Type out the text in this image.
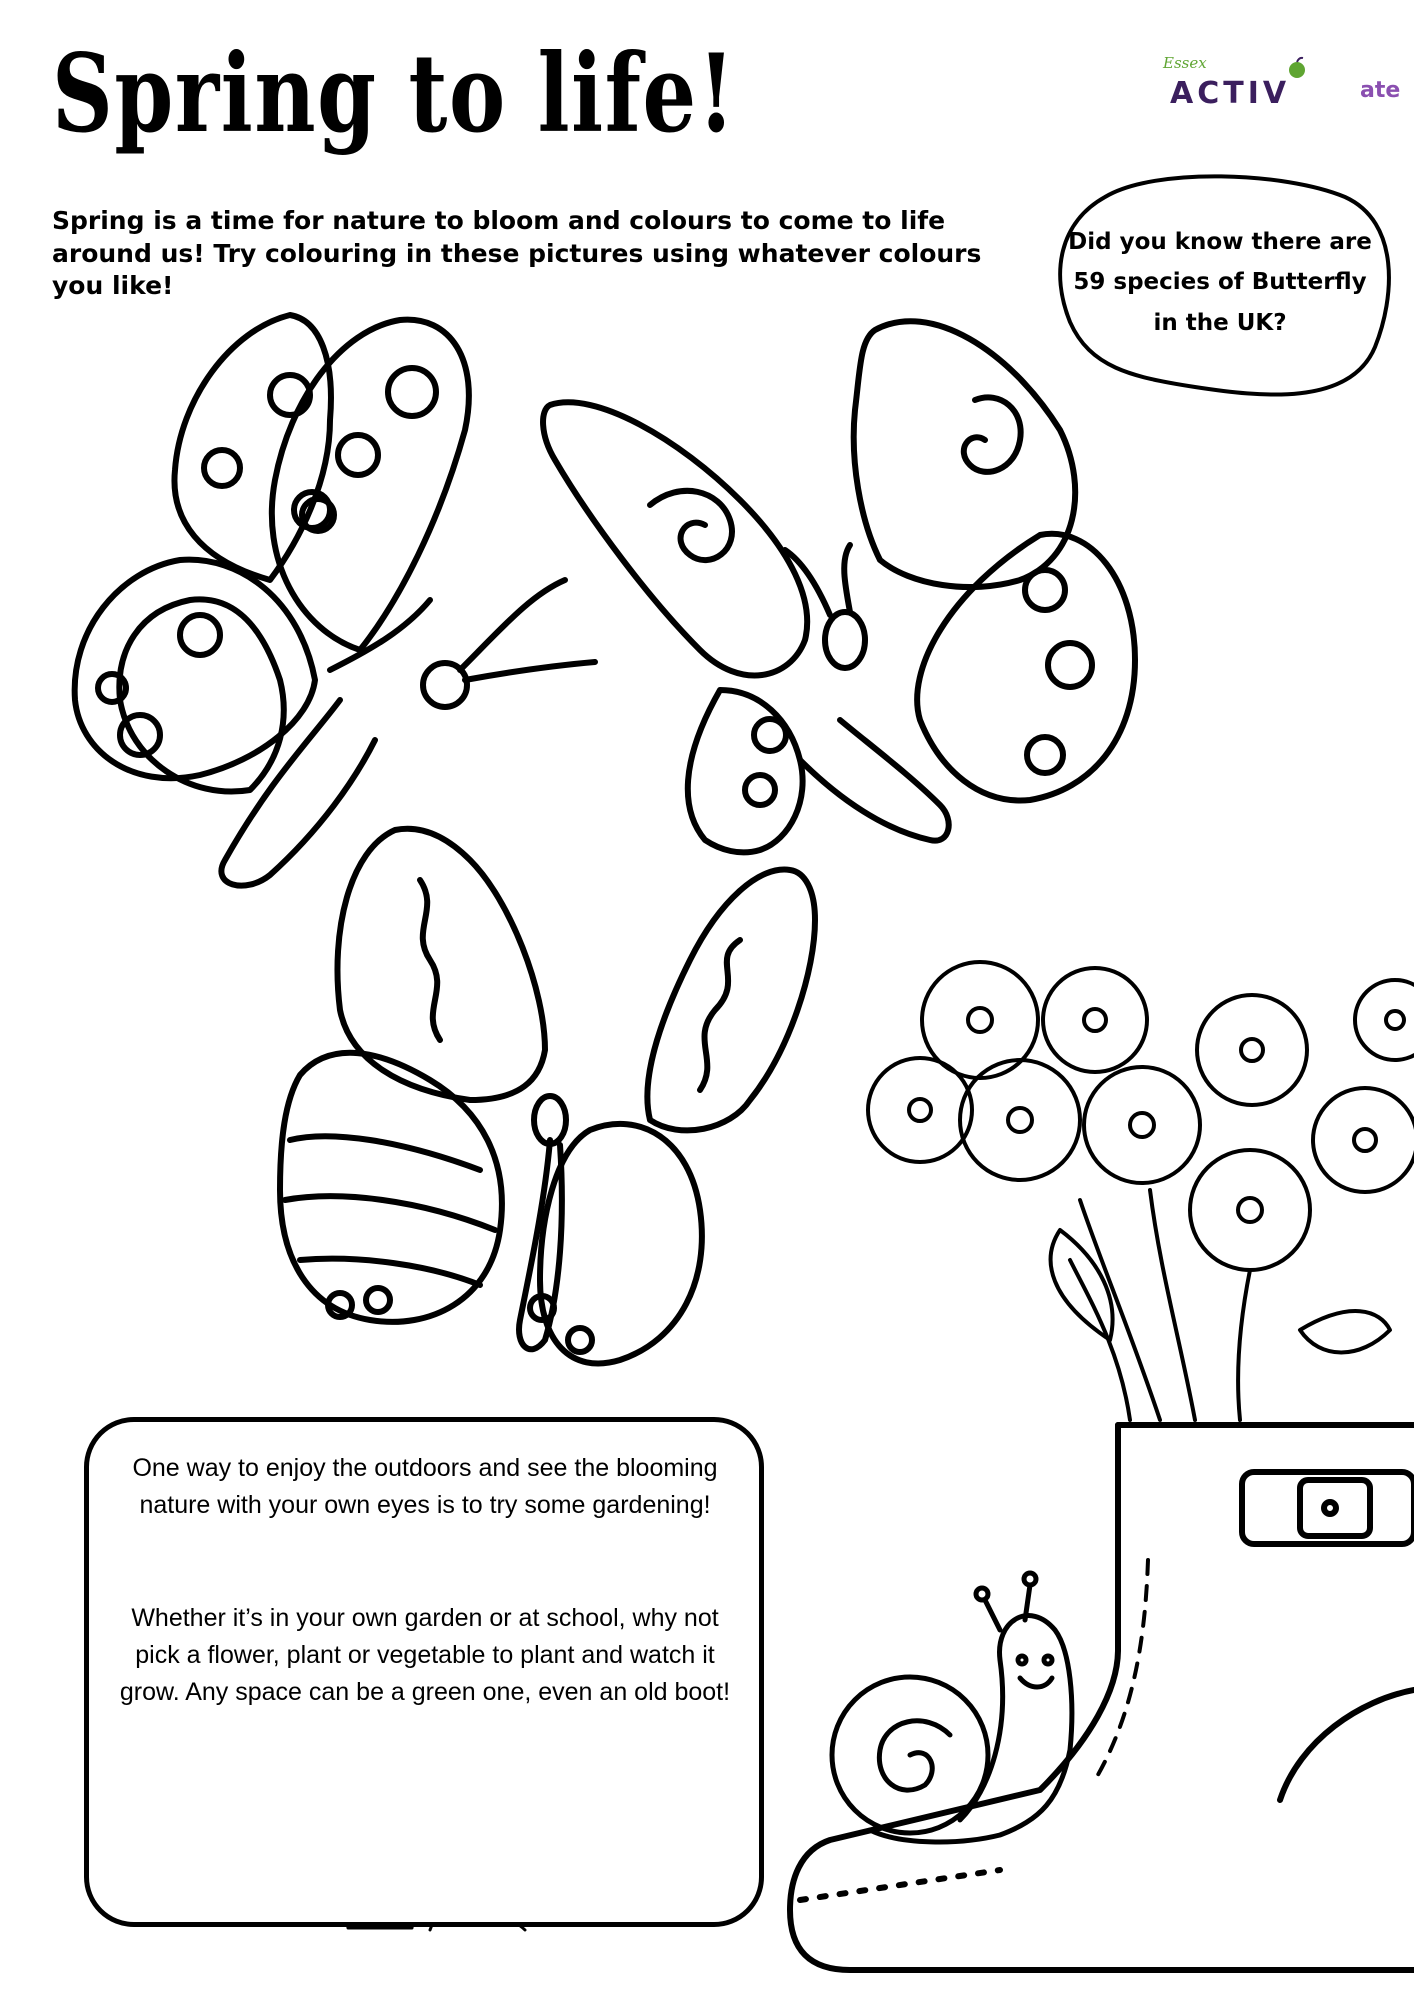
Spring to life!

Spring is a time for nature to bloom and colours to come to life around us! Try colouring in these pictures using whatever colours you like!

Essex
ACTIV	ate

Did you know there are 59 species of Butterfly in the UK?

One way to enjoy the outdoors and see the blooming nature with your own eyes is to try some gardening!

Whether it’s in your own garden or at school, why not pick a flower, plant or vegetable to plant and watch it grow. Any space can be a green one, even an old boot!
